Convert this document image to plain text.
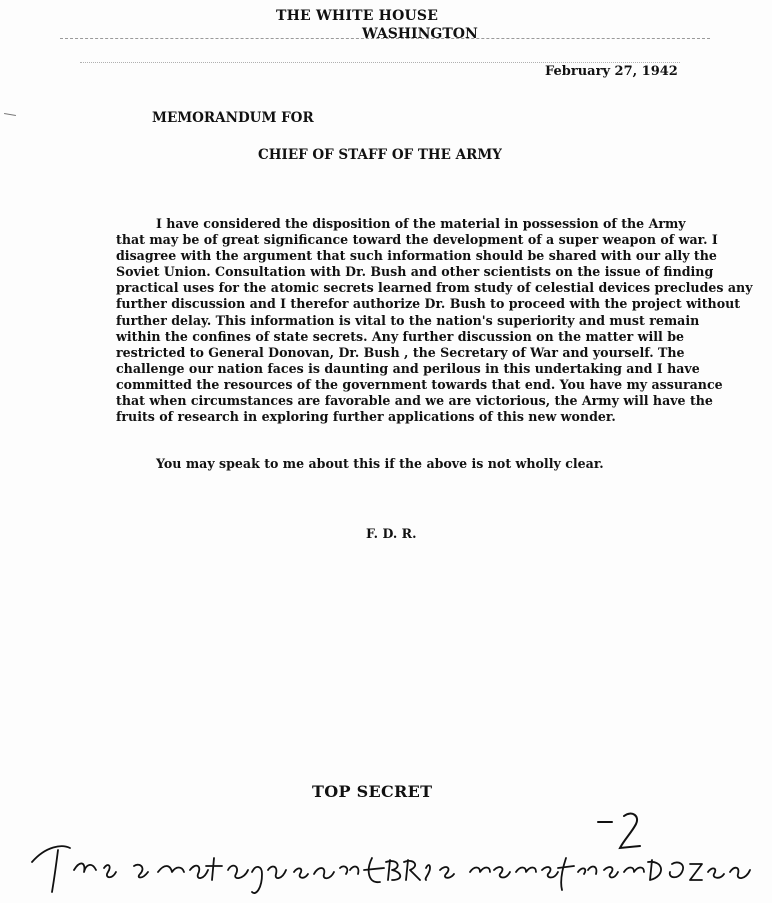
THE WHITE HOUSE
WASHINGTON
February 27, 1942
MEMORANDUM FOR
CHIEF OF STAFF OF THE ARMY
I have considered the disposition of the material in possession of the Army
that may be of great significance toward the development of a super weapon of war. I
disagree with the argument that such information should be shared with our ally the
Soviet Union. Consultation with Dr. Bush and other scientists on the issue of finding
practical uses for the atomic secrets learned from study of celestial devices precludes any
further discussion and I therefor authorize Dr. Bush to proceed with the project without
further delay. This information is vital to the nation's superiority and must remain
within the confines of state secrets. Any further discussion on the matter will be
restricted to General Donovan, Dr. Bush , the Secretary of War and yourself. The
challenge our nation faces is daunting and perilous in this undertaking and I have
committed the resources of the government towards that end. You have my assurance
that when circumstances are favorable and we are victorious, the Army will have the
fruits of research in exploring further applications of this new wonder.
You may speak to me about this if the above is not wholly clear.
F. D. R.
TOP SECRET
